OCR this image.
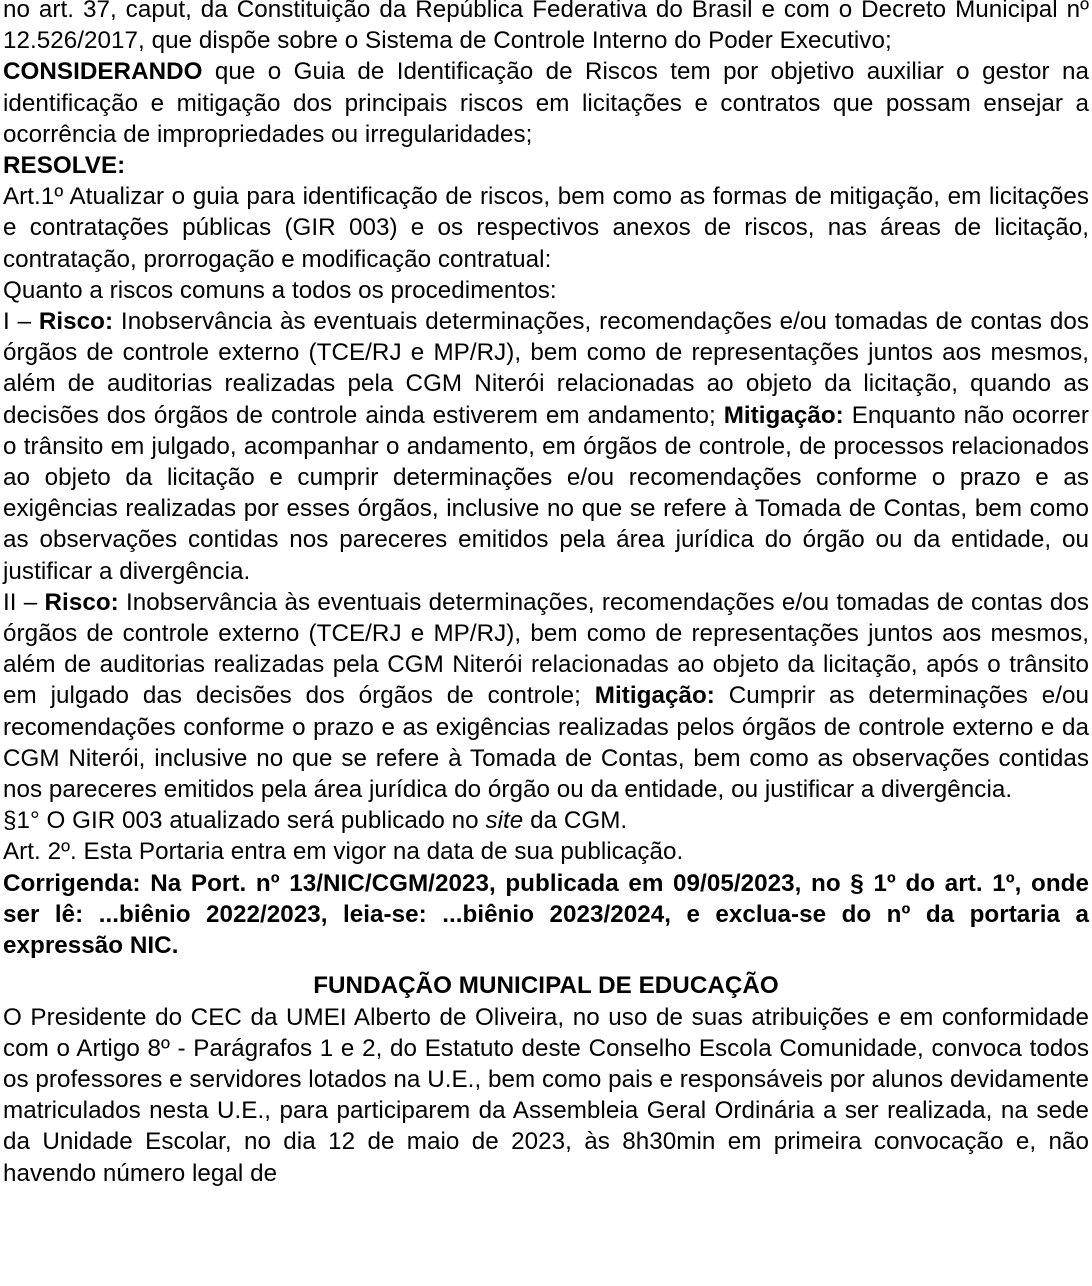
no art. 37, caput, da Constituição da República Federativa do Brasil e com o Decreto Municipal nº 12.526/2017, que dispõe sobre o Sistema de Controle Interno do Poder Executivo;

CONSIDERANDO que o Guia de Identificação de Riscos tem por objetivo auxiliar o gestor na identificação e mitigação dos principais riscos em licitações e contratos que possam ensejar a ocorrência de impropriedades ou irregularidades;

RESOLVE:

Art.1º Atualizar o guia para identificação de riscos, bem como as formas de mitigação, em licitações e contratações públicas (GIR 003) e os respectivos anexos de riscos, nas áreas de licitação, contratação, prorrogação e modificação contratual:

Quanto a riscos comuns a todos os procedimentos:

I – Risco: Inobservância às eventuais determinações, recomendações e/ou tomadas de contas dos órgãos de controle externo (TCE/RJ e MP/RJ), bem como de representações juntos aos mesmos, além de auditorias realizadas pela CGM Niterói relacionadas ao objeto da licitação, quando as decisões dos órgãos de controle ainda estiverem em andamento; Mitigação: Enquanto não ocorrer o trânsito em julgado, acompanhar o andamento, em órgãos de controle, de processos relacionados ao objeto da licitação e cumprir determinações e/ou recomendações conforme o prazo e as exigências realizadas por esses órgãos, inclusive no que se refere à Tomada de Contas, bem como as observações contidas nos pareceres emitidos pela área jurídica do órgão ou da entidade, ou justificar a divergência.

II – Risco: Inobservância às eventuais determinações, recomendações e/ou tomadas de contas dos órgãos de controle externo (TCE/RJ e MP/RJ), bem como de representações juntos aos mesmos, além de auditorias realizadas pela CGM Niterói relacionadas ao objeto da licitação, após o trânsito em julgado das decisões dos órgãos de controle; Mitigação: Cumprir as determinações e/ou recomendações conforme o prazo e as exigências realizadas pelos órgãos de controle externo e da CGM Niterói, inclusive no que se refere à Tomada de Contas, bem como as observações contidas nos pareceres emitidos pela área jurídica do órgão ou da entidade, ou justificar a divergência.

§1° O GIR 003 atualizado será publicado no site da CGM.

Art. 2º. Esta Portaria entra em vigor na data de sua publicação.

Corrigenda: Na Port. nº 13/NIC/CGM/2023, publicada em 09/05/2023, no § 1º do art. 1º, onde ser lê: ...biênio 2022/2023, leia-se: ...biênio 2023/2024, e exclua-se do nº da portaria a expressão NIC.

FUNDAÇÃO MUNICIPAL DE EDUCAÇÃO

O Presidente do CEC da UMEI Alberto de Oliveira, no uso de suas atribuições e em conformidade com o Artigo 8º - Parágrafos 1 e 2, do Estatuto deste Conselho Escola Comunidade, convoca todos os professores e servidores lotados na U.E., bem como pais e responsáveis por alunos devidamente matriculados nesta U.E., para participarem da Assembleia Geral Ordinária a ser realizada, na sede da Unidade Escolar, no dia 12 de maio de 2023, às 8h30min em primeira convocação e, não havendo número legal de
